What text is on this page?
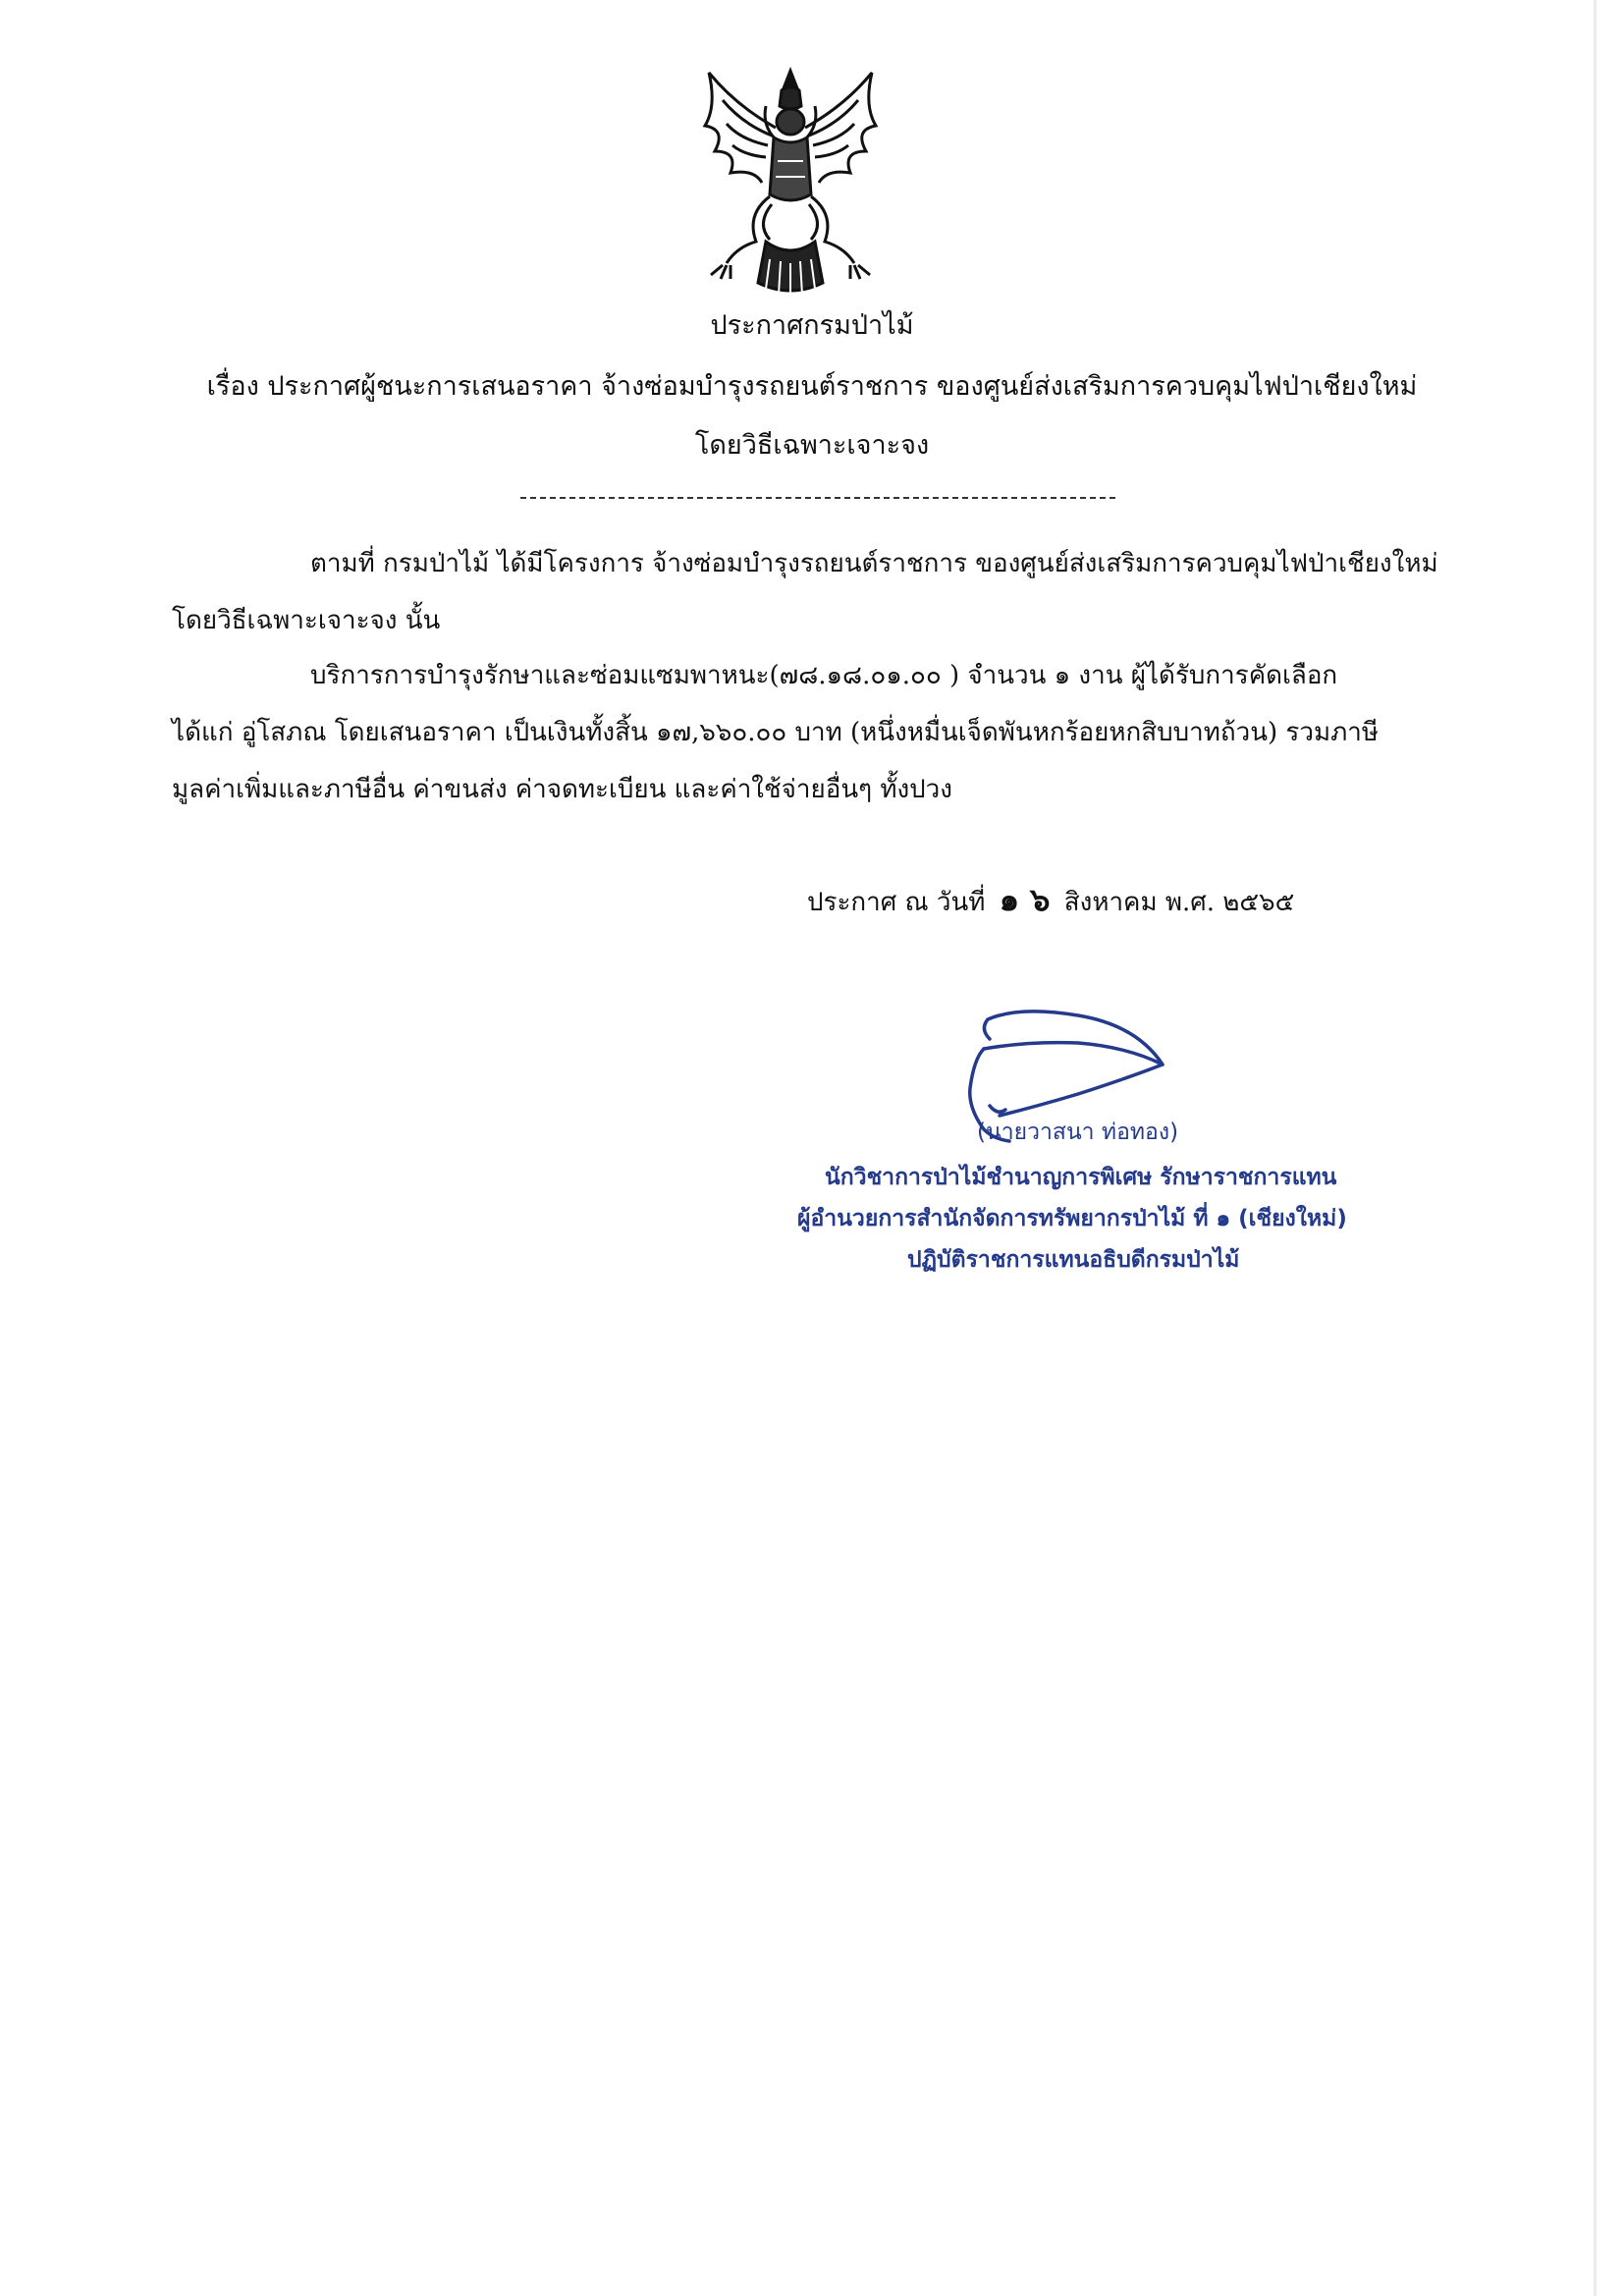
ประกาศกรมป่าไม้
เรื่อง ประกาศผู้ชนะการเสนอราคา จ้างซ่อมบำรุงรถยนต์ราชการ ของศูนย์ส่งเสริมการควบคุมไฟป่าเชียงใหม่
โดยวิธีเฉพาะเจาะจง
ตามที่ กรมป่าไม้ ได้มีโครงการ จ้างซ่อมบำรุงรถยนต์ราชการ ของศูนย์ส่งเสริมการควบคุมไฟป่าเชียงใหม่
โดยวิธีเฉพาะเจาะจง นั้น
บริการการบำรุงรักษาและซ่อมแซมพาหนะ(๗๘.๑๘.๐๑.๐๐ ) จำนวน ๑ งาน ผู้ได้รับการคัดเลือก
ได้แก่ อู่โสภณ โดยเสนอราคา เป็นเงินทั้งสิ้น ๑๗,๖๖๐.๐๐ บาท (หนึ่งหมื่นเจ็ดพันหกร้อยหกสิบบาทถ้วน) รวมภาษี
มูลค่าเพิ่มและภาษีอื่น ค่าขนส่ง ค่าจดทะเบียน และค่าใช้จ่ายอื่นๆ ทั้งปวง
ประกาศ ณ วันที่ ๑ ๖ สิงหาคม พ.ศ. ๒๕๖๕
(นายวาสนา ท่อทอง)
นักวิชาการป่าไม้ชำนาญการพิเศษ รักษาราชการแทน
ผู้อำนวยการสำนักจัดการทรัพยากรป่าไม้ ที่ ๑ (เชียงใหม่)
ปฏิบัติราชการแทนอธิบดีกรมป่าไม้
